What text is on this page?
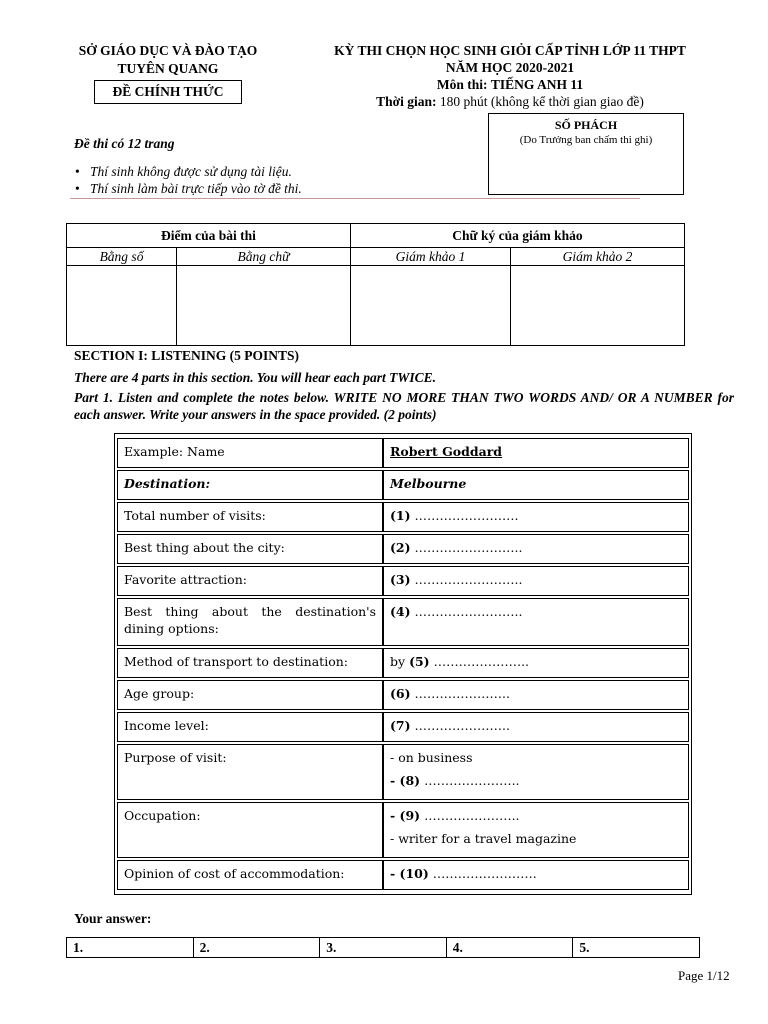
SỞ GIÁO DỤC VÀ ĐÀO TẠO
TUYÊN QUANG
ĐỀ CHÍNH THỨC
KỲ THI CHỌN HỌC SINH GIỎI CẤP TỈNH LỚP 11 THPT
NĂM HỌC 2020-2021
Môn thi: TIẾNG ANH 11
Thời gian: 180 phút (không kể thời gian giao đề)
SỐ PHÁCH
(Do Trưởng ban chấm thi ghi)
Đề thi có 12 trang
• Thí sinh không được sử dụng tài liệu.
• Thí sinh làm bài trực tiếp vào tờ đề thi.
Điểm của bài thi		Chữ ký của giám khảo	
Bằng số	Bằng chữ	Giám khảo 1	Giám khảo 2

SECTION I: LISTENING (5 POINTS)
There are 4 parts in this section. You will hear each part TWICE.
Part 1. Listen and complete the notes below. WRITE NO MORE THAN TWO WORDS AND/ OR A NUMBER for each answer. Write your answers in the space provided. (2 points)
Example: Name	Robert Goddard
Destination:	Melbourne
Total number of visits:	(1) …………………….
Best thing about the city:	(2) ……………………..
Favorite attraction:	(3) ……………………..
Best thing about the destination's dining options:	(4) ……………………..
Method of transport to destination:	by (5) …………………..
Age group:	(6) …………………..
Income level:	(7) …………………..
Purpose of visit:	- on business
- (8) …………………..

Occupation:	- (9) …………………..
- writer for a travel magazine

Opinion of cost of accommodation:	- (10) …………………….
Your answer:
1.	2.	3.	4.	5.
Page 1/12
